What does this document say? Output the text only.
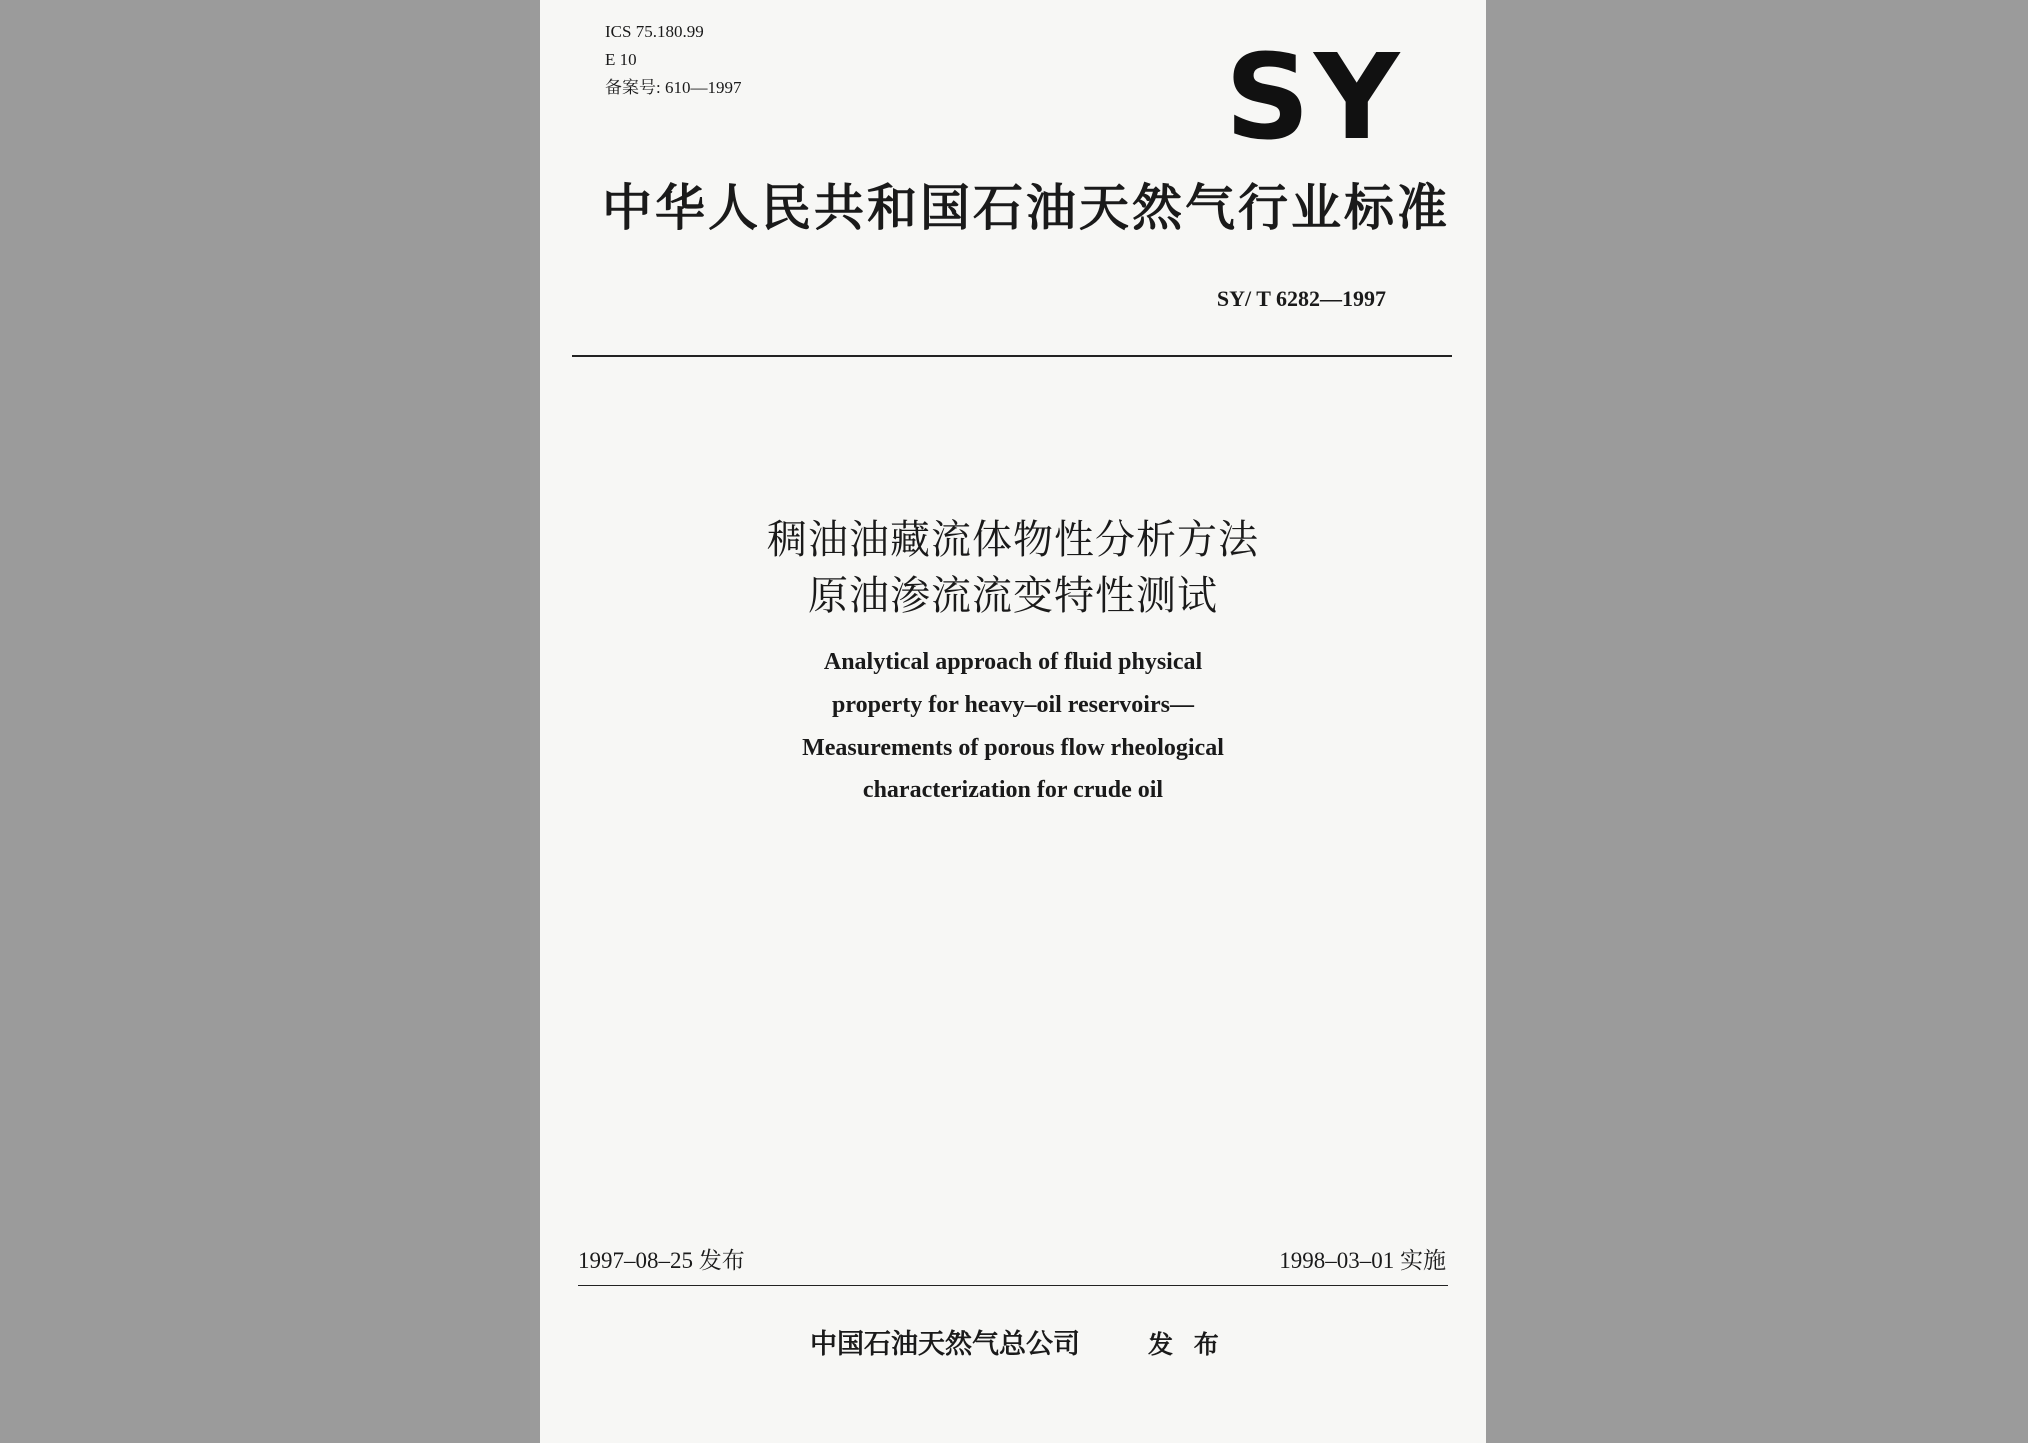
ICS 75.180.99
E 10
备案号: 610—1997	SY
中华人民共和国石油天然气行业标准
SY/ T 6282—1997
稠油油藏流体物性分析方法
原油渗流流变特性测试
Analytical approach of fluid physical
property for heavy–oil reservoirs—
Measurements of porous flow rheological
characterization for crude oil
1997–08–25 发布	1998–03–01 实施
中国石油天然气总公司	发 布
